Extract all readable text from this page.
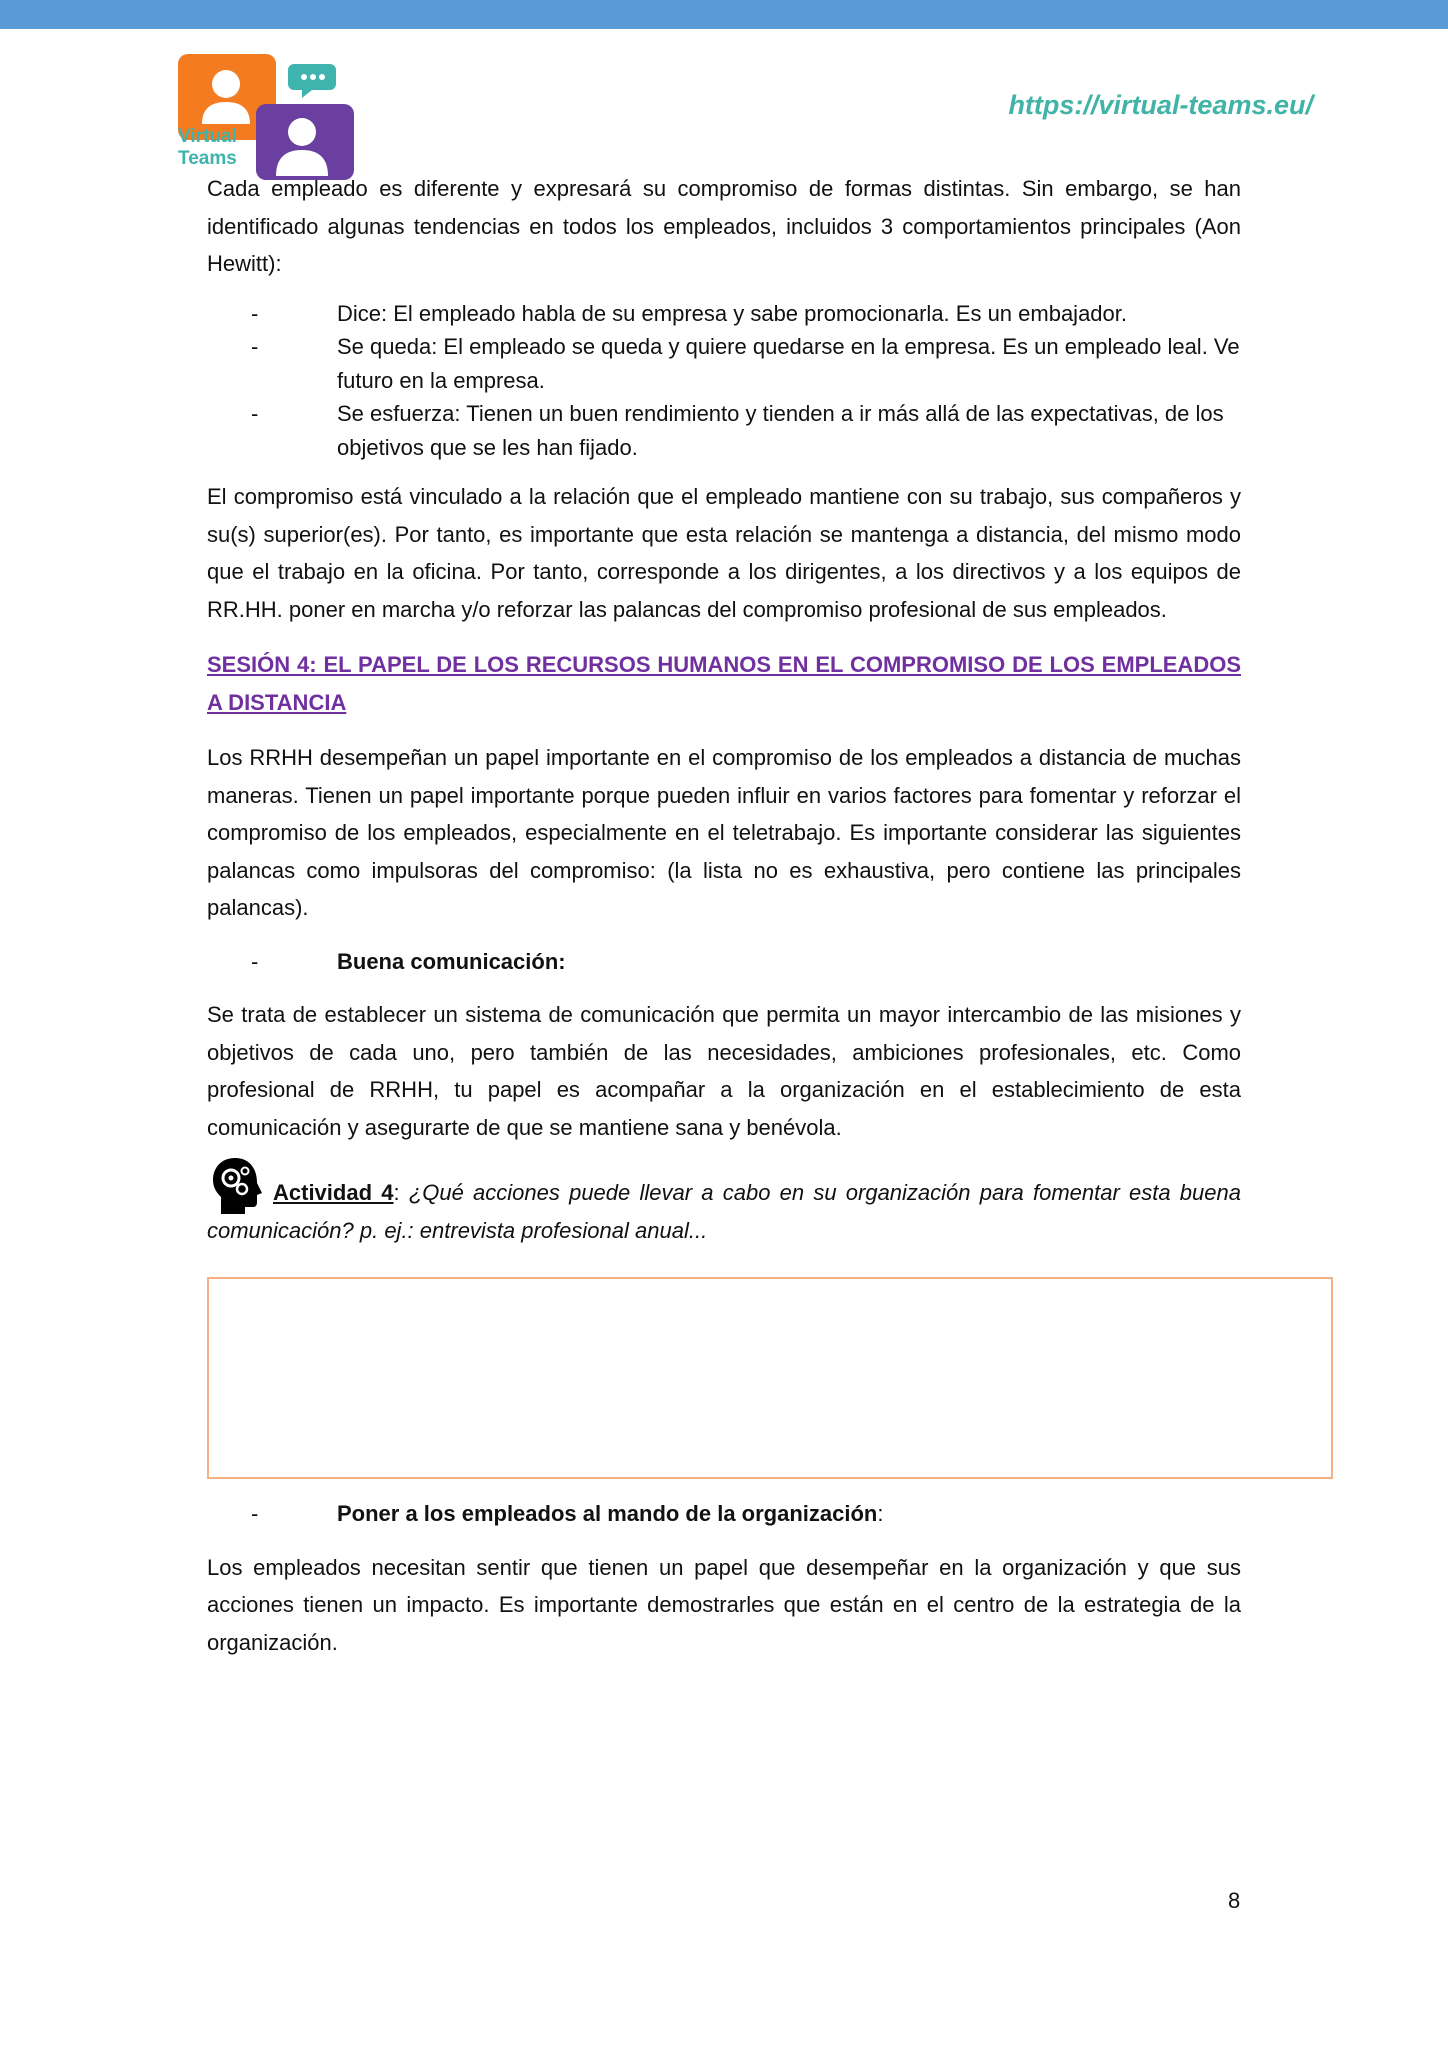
Virtual
Teams
https://virtual-teams.eu/

Cada empleado es diferente y expresará su compromiso de formas distintas. Sin embargo, se han identificado algunas tendencias en todos los empleados, incluidos 3 comportamientos principales (Aon Hewitt):

-	Dice: El empleado habla de su empresa y sabe promocionarla. Es un embajador.
-	Se queda: El empleado se queda y quiere quedarse en la empresa. Es un empleado leal. Ve futuro en la empresa.
-	Se esfuerza: Tienen un buen rendimiento y tienden a ir más allá de las expectativas, de los objetivos que se les han fijado.

El compromiso está vinculado a la relación que el empleado mantiene con su trabajo, sus compañeros y su(s) superior(es). Por tanto, es importante que esta relación se mantenga a distancia, del mismo modo que el trabajo en la oficina. Por tanto, corresponde a los dirigentes, a los directivos y a los equipos de RR.HH. poner en marcha y/o reforzar las palancas del compromiso profesional de sus empleados.

SESIÓN 4: EL PAPEL DE LOS RECURSOS HUMANOS EN EL COMPROMISO DE LOS EMPLEADOS A DISTANCIA

Los RRHH desempeñan un papel importante en el compromiso de los empleados a distancia de muchas maneras. Tienen un papel importante porque pueden influir en varios factores para fomentar y reforzar el compromiso de los empleados, especialmente en el teletrabajo. Es importante considerar las siguientes palancas como impulsoras del compromiso: (la lista no es exhaustiva, pero contiene las principales palancas).

-	Buena comunicación:

Se trata de establecer un sistema de comunicación que permita un mayor intercambio de las misiones y objetivos de cada uno, pero también de las necesidades, ambiciones profesionales, etc. Como profesional de RRHH, tu papel es acompañar a la organización en el establecimiento de esta comunicación y asegurarte de que se mantiene sana y benévola.

Actividad 4: ¿Qué acciones puede llevar a cabo en su organización para fomentar esta buena comunicación? p. ej.: entrevista profesional anual...

-	Poner a los empleados al mando de la organización:

Los empleados necesitan sentir que tienen un papel que desempeñar en la organización y que sus acciones tienen un impacto. Es importante demostrarles que están en el centro de la estrategia de la organización.

8
